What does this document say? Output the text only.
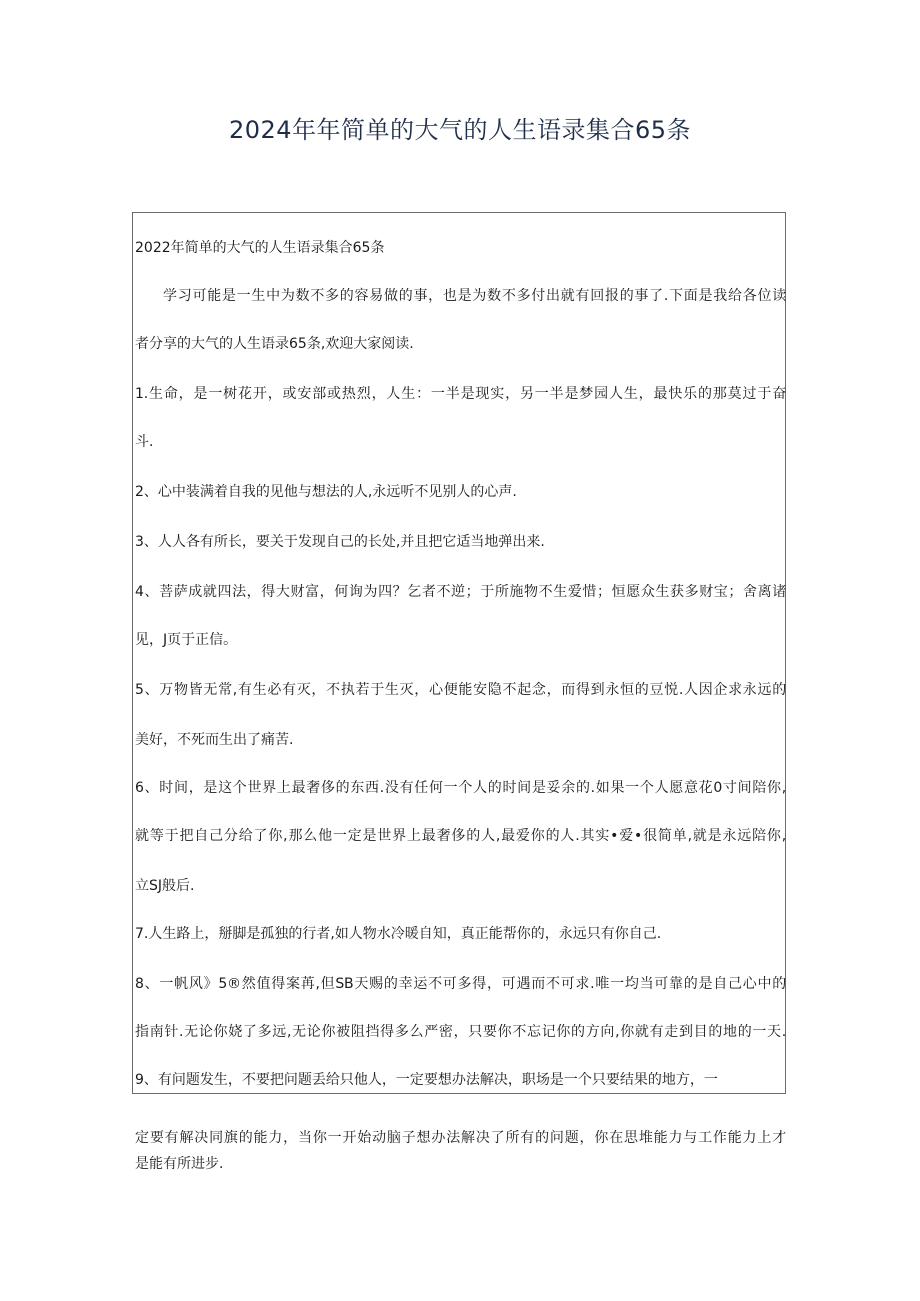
2024年年简单的大气的人生语录集合65条
2022年简单的大气的人生语录集合65条
学习可能是一生中为数不多的容易做的事，也是为数不多付出就有回报的事了.下面是我给各位读
者分享的大气的人生语录65条,欢迎大家阅读.
1.生命，是一树花开，或安部或热烈，人生：一半是现实，另一半是梦园人生，最快乐的那莫过于奋
斗.
2、心中装满着自我的见他与想法的人,永远听不见别人的心声.
3、人人各有所长，要关于发现自己的长处,并且把它适当地弹出来.
4、菩萨成就四法，得大财富，何询为四？乞者不逆；于所施物不生爱惜；恒愿众生获多财宝；舍离诸
见，J页于正信。
5、万物皆无常,有生必有灭，不执若于生灭，心便能安隐不起念，而得到永恒的豆悦.人因企求永远的
美好，不死而生出了痛苦.
6、时间，是这个世界上最奢侈的东西.没有任何一个人的时间是妥余的.如果一个人愿意花0寸间陪你,
就等于把自己分给了你,那么他一定是世界上最奢侈的人,最爱你的人.其实•爱•很简单,就是永远陪你,
立SJ般后.
7.人生路上，掰脚是孤独的行者,如人物水冷暖自知，真正能帮你的，永远只有你自己.
8、一帆风》5®然值得案苒,但SB天赐的幸运不可多得，可遇而不可求.唯一均当可靠的是自己心中的
指南针.无论你娆了多远,无论你被阻挡得多么严密，只要你不忘记你的方向,你就有走到目的地的一天.
9、有问题发生，不要把问题丢给只他人，一定要想办法解决，职场是一个只要结果的地方，一
定要有解决同旗的能力，当你一开始动脑子想办法解决了所有的问题，你在思堆能力与工作能力上才
是能有所进步.
